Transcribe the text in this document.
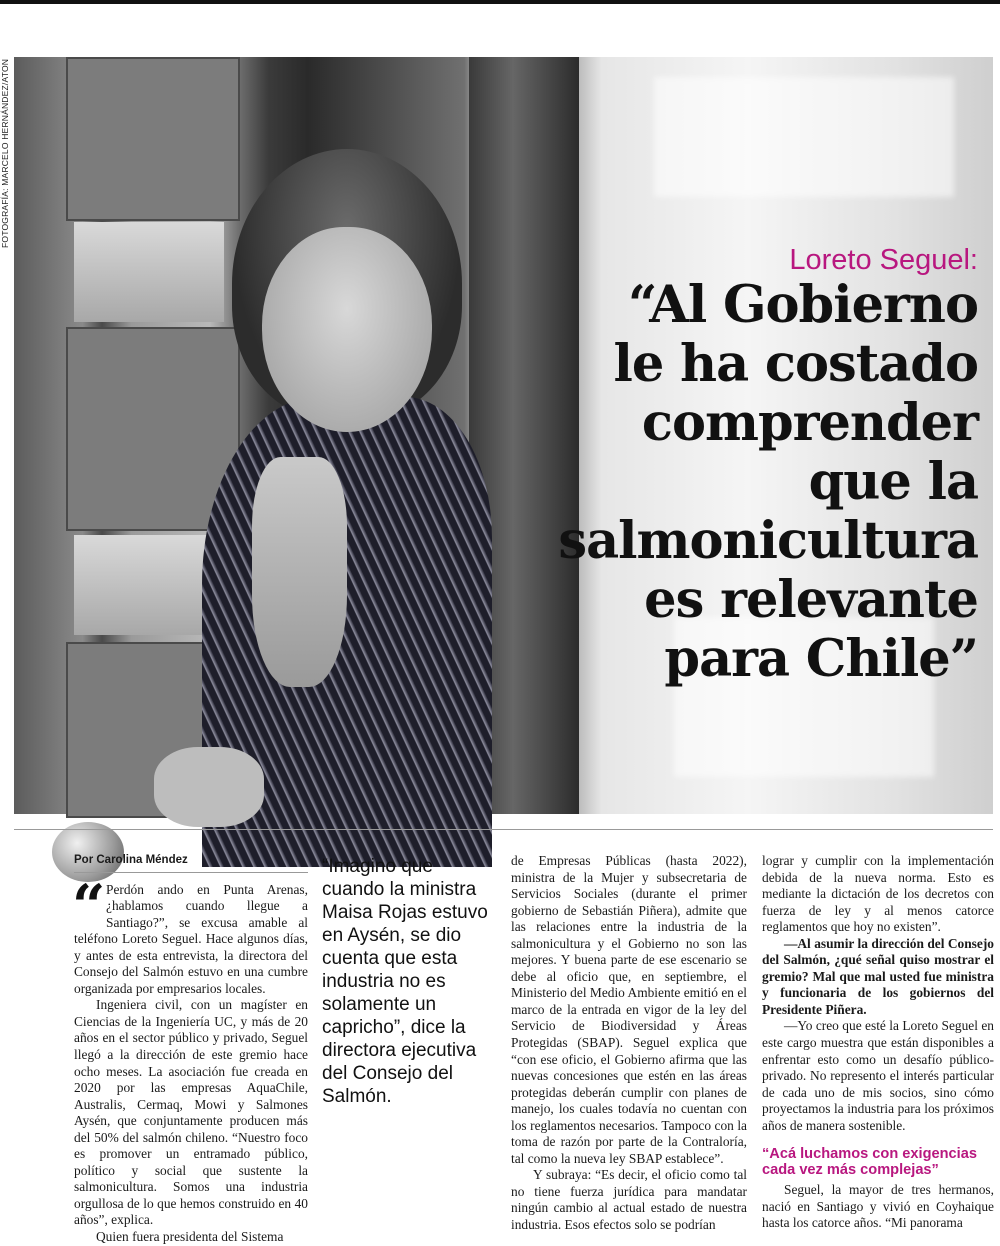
FOTOGRAFÍA: MARCELO HERNÁNDEZ/ATON
Loreto Seguel:
“Al Gobierno
le ha costado
comprender
que la
salmonicultura
es relevante
para Chile”
Por Carolina Méndez

“ Perdón ando en Punta Arenas, ¿hablamos cuando llegue a Santiago?”, se excusa amable al teléfono Loreto Seguel. Hace algunos días, y antes de esta entrevista, la directora del Consejo del Salmón estuvo en una cumbre organizada por empresarios locales.

Ingeniera civil, con un magíster en Ciencias de la Ingeniería UC, y más de 20 años en el sector público y privado, Seguel llegó a la dirección de este gremio hace ocho meses. La asociación fue creada en 2020 por las empresas AquaChile, Australis, Cermaq, Mowi y Salmones Aysén, que conjuntamente producen más del 50% del salmón chileno. “Nuestro foco es promover un entramado público, político y social que sustente la salmonicultura. Somos una industria orgullosa de lo que hemos construido en 40 años”, explica.

Quien fuera presidenta del Sistema

“Imagino que cuando la ministra Maisa Rojas estuvo en Aysén, se dio cuenta que esta industria no es solamente un capricho”, dice la directora ejecutiva del Consejo del Salmón.

de Empresas Públicas (hasta 2022), ministra de la Mujer y subsecretaria de Servicios Sociales (durante el primer gobierno de Sebastián Piñera), admite que las relaciones entre la industria de la salmonicultura y el Gobierno no son las mejores. Y buena parte de ese escenario se debe al oficio que, en septiembre, el Ministerio del Medio Ambiente emitió en el marco de la entrada en vigor de la ley del Servicio de Biodiversidad y Áreas Protegidas (SBAP). Seguel explica que “con ese oficio, el Gobierno afirma que las nuevas concesiones que estén en las áreas protegidas deberán cumplir con planes de manejo, los cuales todavía no cuentan con los reglamentos necesarios. Tampoco con la toma de razón por parte de la Contraloría, tal como la nueva ley SBAP establece”.

Y subraya: “Es decir, el oficio como tal no tiene fuerza jurídica para mandatar ningún cambio al actual estado de nuestra industria. Esos efectos solo se podrían

lograr y cumplir con la implementación debida de la nueva norma. Esto es mediante la dictación de los decretos con fuerza de ley y al menos catorce reglamentos que hoy no existen”.

—Al asumir la dirección del Consejo del Salmón, ¿qué señal quiso mostrar el gremio? Mal que mal usted fue ministra y funcionaria de los gobiernos del Presidente Piñera.

—Yo creo que esté la Loreto Seguel en este cargo muestra que están disponibles a enfrentar esto como un desafío público-privado. No represento el interés particular de cada uno de mis socios, sino cómo proyectamos la industria para los próximos años de manera sostenible.

“Acá luchamos con exigencias cada vez más complejas”

Seguel, la mayor de tres hermanos, nació en Santiago y vivió en Coyhaique hasta los catorce años. “Mi panorama
